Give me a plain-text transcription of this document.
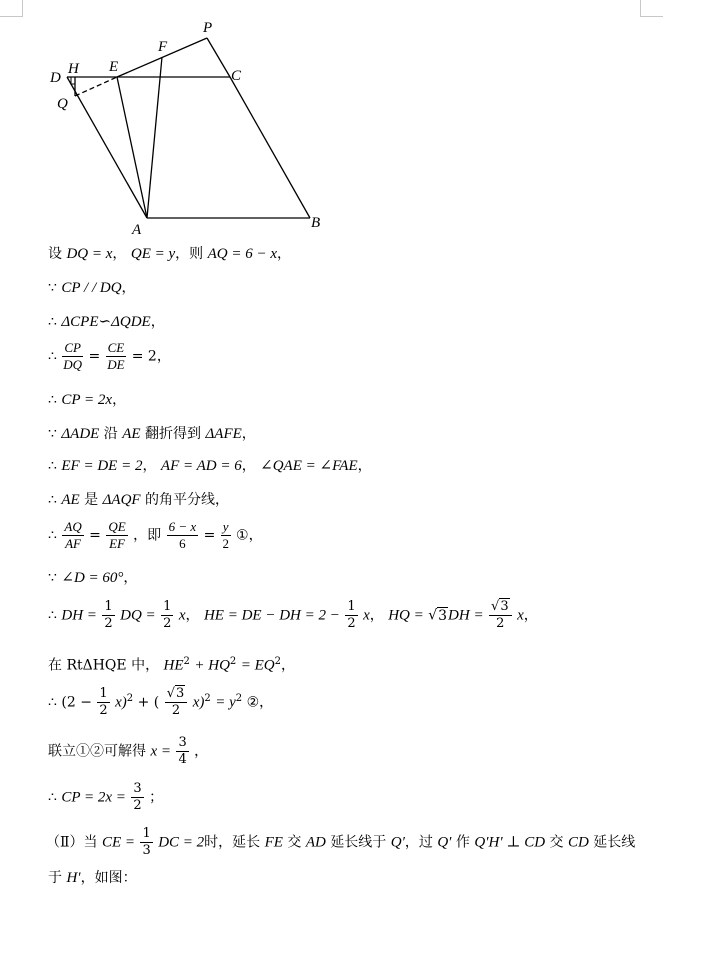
P
F
D
H E
C
Q
A	B
设 DQ = x， QE = y，则 AQ = 6 − x，
∵ CP / / DQ，
∴ ΔCPE∽ΔQDE，
∴ $\frac{CP}{DQ} = \frac{CE}{DE} = 2$，
∴ CP = 2x，
∵ ΔADE 沿 AE 翻折得到 ΔAFE，
∴ EF = DE = 2， AF = AD = 6， ∠QAE = ∠FAE，
∴ AE 是 ΔAQF 的角平分线，
∴ $\frac{AQ}{AF} = \frac{QE}{EF}$ ，即 $\frac{6 - x}{6} = \frac{y}{2}$ ①，
∵ ∠D = 60°，
∴ DH = $\frac{1}{2}$ DQ = $\frac{1}{2}$ x， HE = DE − DH = $2 - \frac{1}{2}$ x， HQ = $√3DH = \frac{√3}{2}$ x，
在 RtΔHQE 中， $HE^2 + HQ^2 = EQ^2$，
∴ $(2 - \frac{1}{2} x)^2$ + ( $\frac{√3}{2} x)^2 = y^2$ ②，
联立①②可解得 $x = \frac{3}{4}$ ，
∴ CP = $2x = \frac{3}{2}$ ；
（Ⅱ）当 CE = $\frac{1}{3}$ DC = 2时，延长 FE 交 AD 延长线于 Q′，过 Q′ 作 Q′H′ ⊥ CD 交 CD 延长线
于 H′，如图：
